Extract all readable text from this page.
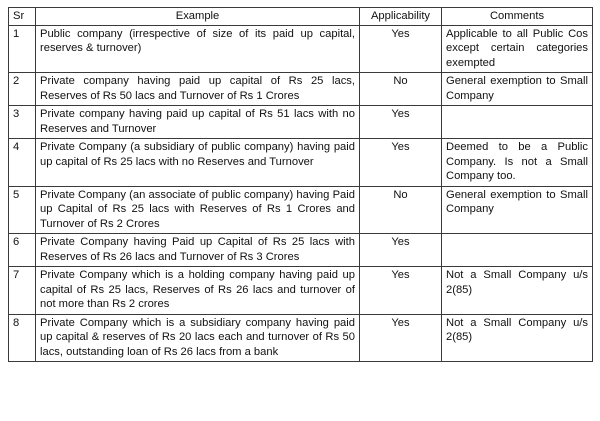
Sr	Example	Applicability	Comments
1	Public company (irrespective of size of its paid up capital, reserves & turnover)	Yes	Applicable to all Public Cos except certain categories exempted
2	Private company having paid up capital of Rs 25 lacs, Reserves of Rs 50 lacs and Turnover of Rs 1 Crores	No	General exemption to Small Company
3	Private company having paid up capital of Rs 51 lacs with no Reserves and Turnover	Yes	
4	Private Company (a subsidiary of public company) having paid up capital of Rs 25 lacs with no Reserves and Turnover	Yes	Deemed to be a Public Company. Is not a Small Company too.
5	Private Company (an associate of public company) having Paid up Capital of Rs 25 lacs with Reserves of Rs 1 Crores and Turnover of Rs 2 Crores	No	General exemption to Small Company
6	Private Company having Paid up Capital of Rs 25 lacs with Reserves of Rs 26 lacs and Turnover of Rs 3 Crores	Yes	
7	Private Company which is a holding company having paid up capital of Rs 25 lacs, Reserves of Rs 26 lacs and turnover of not more than Rs 2 crores	Yes	Not a Small Company u/s 2(85)
8	Private Company which is a subsidiary company having paid up capital & reserves of Rs 20 lacs each and turnover of Rs 50 lacs, outstanding loan of Rs 26 lacs from a bank	Yes	Not a Small Company u/s 2(85)
